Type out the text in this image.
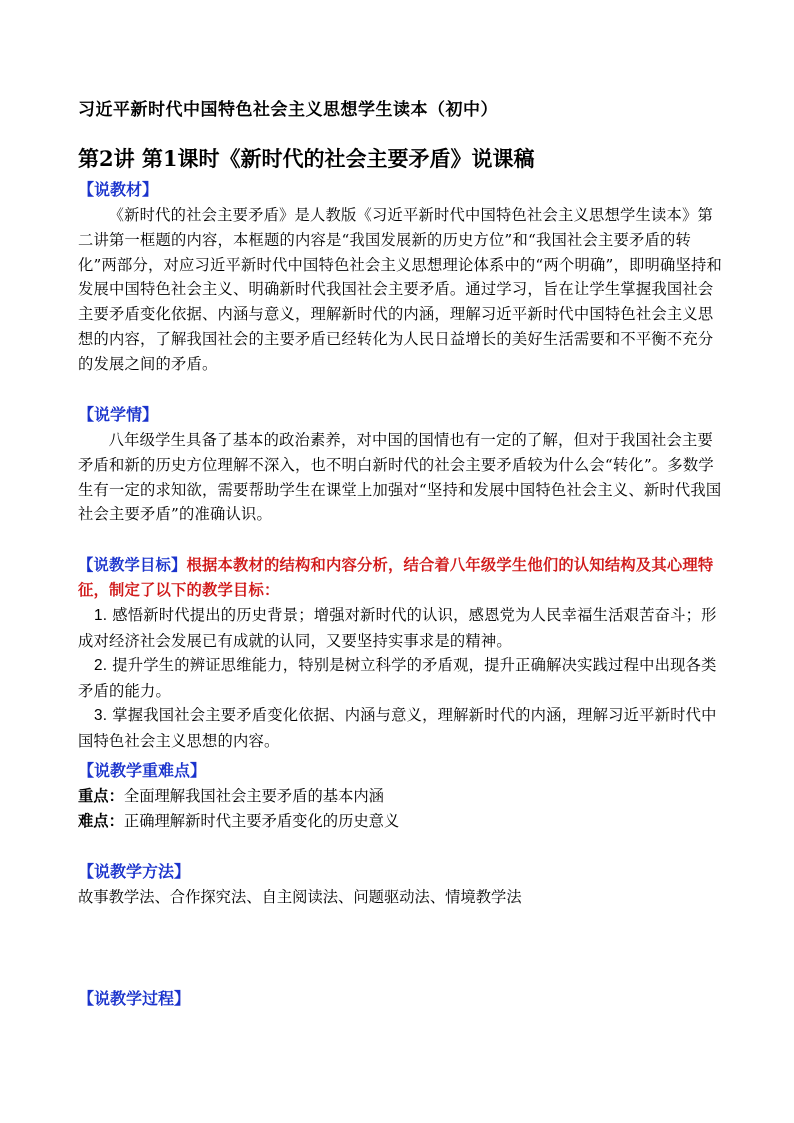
习近平新时代中国特色社会主义思想学生读本（初中）
第2讲 第1课时《新时代的社会主要矛盾》说课稿
【说教材】
《新时代的社会主要矛盾》是人教版《习近平新时代中国特色社会主义思想学生读本》第二讲第一框题的内容，本框题的内容是“我国发展新的历史方位”和“我国社会主要矛盾的转化”两部分，对应习近平新时代中国特色社会主义思想理论体系中的“两个明确”，即明确坚持和发展中国特色社会主义、明确新时代我国社会主要矛盾。通过学习，旨在让学生掌握我国社会主要矛盾变化依据、内涵与意义，理解新时代的内涵，理解习近平新时代中国特色社会主义思想的内容，了解我国社会的主要矛盾已经转化为人民日益增长的美好生活需要和不平衡不充分的发展之间的矛盾。
【说学情】
八年级学生具备了基本的政治素养，对中国的国情也有一定的了解，但对于我国社会主要矛盾和新的历史方位理解不深入，也不明白新时代的社会主要矛盾较为什么会“转化”。多数学生有一定的求知欲，需要帮助学生在课堂上加强对“坚持和发展中国特色社会主义、新时代我国社会主要矛盾”的准确认识。
【说教学目标】根据本教材的结构和内容分析，结合着八年级学生他们的认知结构及其心理特征，制定了以下的教学目标：
1. 感悟新时代提出的历史背景；增强对新时代的认识，感恩党为人民幸福生活艰苦奋斗；形成对经济社会发展已有成就的认同，又要坚持实事求是的精神。
2. 提升学生的辨证思维能力，特别是树立科学的矛盾观，提升正确解决实践过程中出现各类矛盾的能力。
3. 掌握我国社会主要矛盾变化依据、内涵与意义，理解新时代的内涵，理解习近平新时代中国特色社会主义思想的内容。
【说教学重难点】
重点：全面理解我国社会主要矛盾的基本内涵
难点：正确理解新时代主要矛盾变化的历史意义
【说教学方法】
故事教学法、合作探究法、自主阅读法、问题驱动法、情境教学法
【说教学过程】
